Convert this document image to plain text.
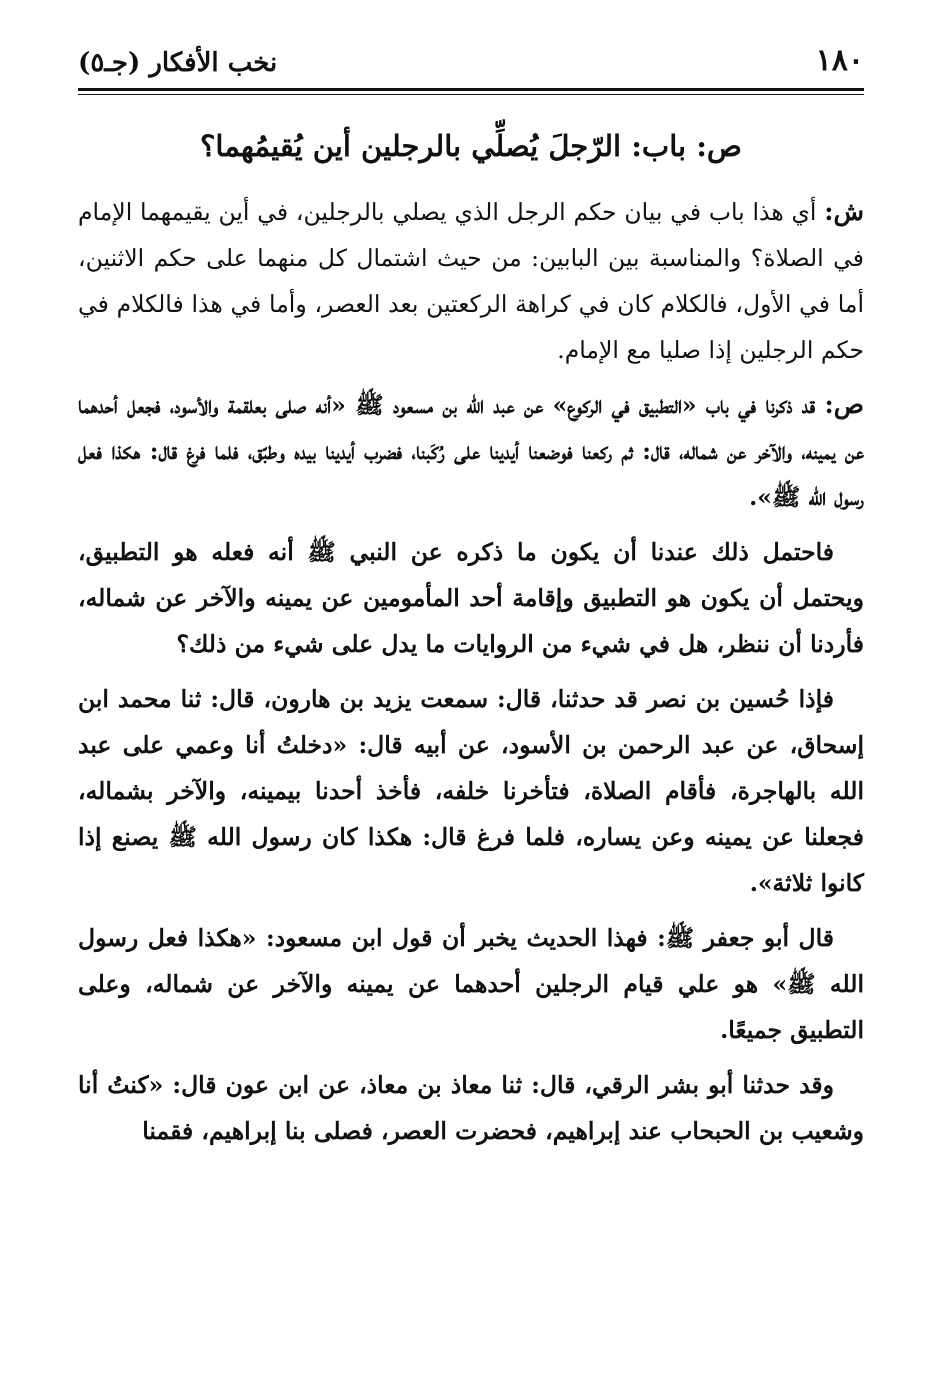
١٨٠
نخب الأفكار (جـ٥)
ص: باب: الرّجلَ يُصلِّي بالرجلين أين يُقيمُهما؟

ش: أي هذا باب في بيان حكم الرجل الذي يصلي بالرجلين، في أين يقيمهما الإمام في الصلاة؟ والمناسبة بين البابين: من حيث اشتمال كل منهما على حكم الاثنين، أما في الأول، فالكلام كان في كراهة الركعتين بعد العصر، وأما في هذا فالكلام في حكم الرجلين إذا صليا مع الإمام.

ص: قد ذكرنا في باب «التطبيق في الركوع» عن عبد الله بن مسعود ﷺ «أنه صلى بعلقمة والأسود، فجعل أحدهما عن يمينه، والآخر عن شماله، قال: ثم ركعنا فوضعنا أيدينا على رُكَبنا، فضرب أيدينا بيده وطبّق، فلما فرغ قال: هكذا فعل رسول الله ﷺ».

فاحتمل ذلك عندنا أن يكون ما ذكره عن النبي ﷺ أنه فعله هو التطبيق، ويحتمل أن يكون هو التطبيق وإقامة أحد المأمومين عن يمينه والآخر عن شماله، فأردنا أن ننظر، هل في شيء من الروايات ما يدل على شيء من ذلك؟

فإذا حُسين بن نصر قد حدثنا، قال: سمعت يزيد بن هارون، قال: ثنا محمد ابن إسحاق، عن عبد الرحمن بن الأسود، عن أبيه قال: «دخلتُ أنا وعمي على عبد الله بالهاجرة، فأقام الصلاة، فتأخرنا خلفه، فأخذ أحدنا بيمينه، والآخر بشماله، فجعلنا عن يمينه وعن يساره، فلما فرغ قال: هكذا كان رسول الله ﷺ يصنع إذا كانوا ثلاثة».

قال أبو جعفر ﷺ: فهذا الحديث يخبر أن قول ابن مسعود: «هكذا فعل رسول الله ﷺ» هو علي قيام الرجلين أحدهما عن يمينه والآخر عن شماله، وعلى التطبيق جميعًا.

وقد حدثنا أبو بشر الرقي، قال: ثنا معاذ بن معاذ، عن ابن عون قال: «كنتُ أنا وشعيب بن الحبحاب عند إبراهيم، فحضرت العصر، فصلى بنا إبراهيم، فقمنا
